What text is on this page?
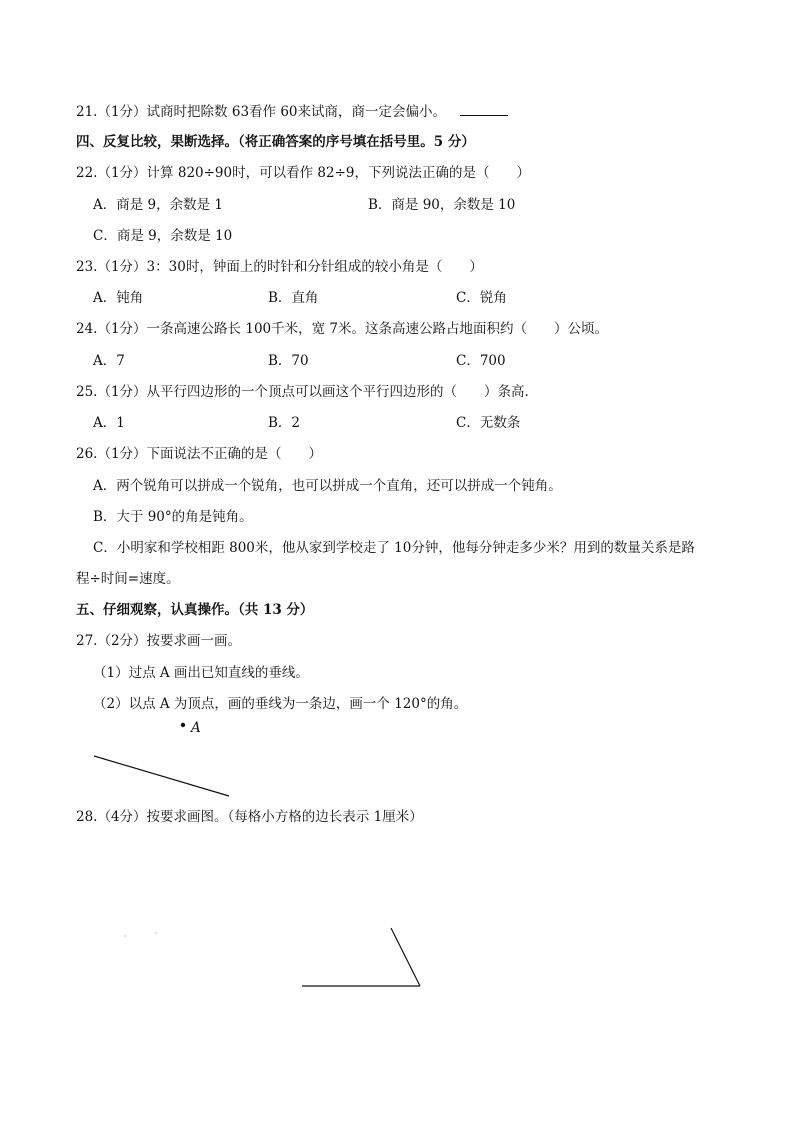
21.（1分）试商时把除数 63看作 60来试商，商一定会偏小。
四、反复比较，果断选择。（将正确答案的序号填在括号里。5 分）
22.（1分）计算 820÷90时，可以看作 82÷9，下列说法正确的是（　　）
A．商是 9，余数是 1	B．商是 90，余数是 10
C．商是 9，余数是 10
23.（1分）3：30时，钟面上的时针和分针组成的较小角是（　　）
A．钝角	B．直角	C．锐角
24.（1分）一条高速公路长 100千米，宽 7米。这条高速公路占地面积约（　　）公顷。
A．7	B．70	C．700
25.（1分）从平行四边形的一个顶点可以画这个平行四边形的（　　）条高.
A．1	B．2	C．无数条
26.（1分）下面说法不正确的是（　　）
A．两个锐角可以拼成一个锐角，也可以拼成一个直角，还可以拼成一个钝角。
B．大于 90°的角是钝角。
C．小明家和学校相距 800米，他从家到学校走了 10分钟，他每分钟走多少米？用到的数量关系是路
程÷时间=速度。
五、仔细观察，认真操作。（共 13 分）
27.（2分）按要求画一画。
（1）过点 A 画出已知直线的垂线。
（2）以点 A 为顶点，画的垂线为一条边，画一个 120°的角。
A
28.（4分）按要求画图。（每格小方格的边长表示 1厘米）
